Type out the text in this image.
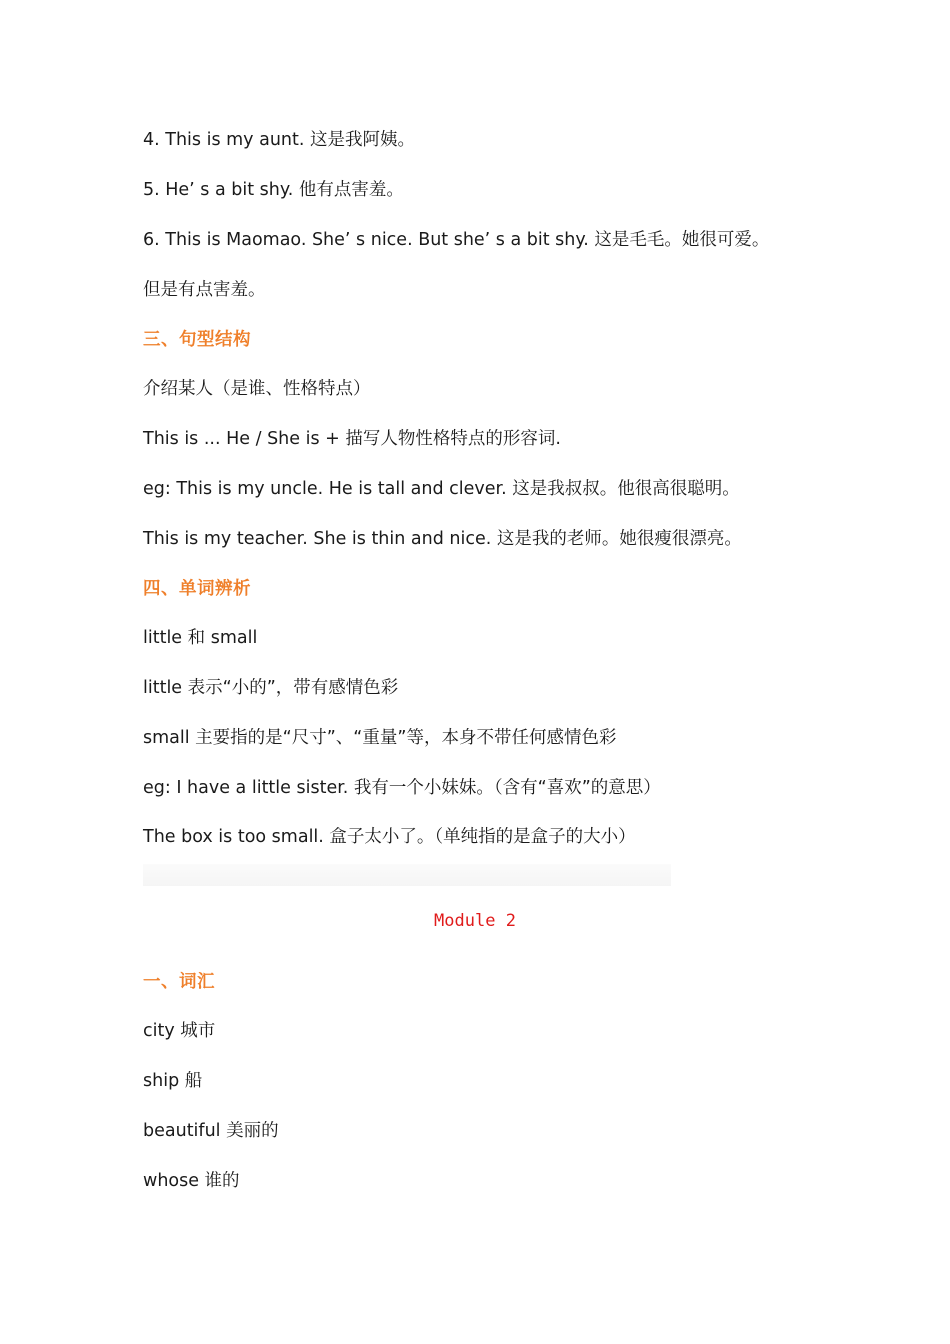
4. This is my aunt. 这是我阿姨。
5. He’ s a bit shy. 他有点害羞。
6. This is Maomao. She’ s nice. But she’ s a bit shy. 这是毛毛。她很可爱。
但是有点害羞。
三、句型结构
介绍某人（是谁、性格特点）
This is ... He / She is + 描写人物性格特点的形容词.
eg: This is my uncle. He is tall and clever. 这是我叔叔。他很高很聪明。
This is my teacher. She is thin and nice. 这是我的老师。她很瘦很漂亮。
四、单词辨析
little 和 small
little 表示“小的”，带有感情色彩
small 主要指的是“尺寸”、“重量”等，本身不带任何感情色彩
eg: I have a little sister. 我有一个小妹妹。（含有“喜欢”的意思）
The box is too small. 盒子太小了。（单纯指的是盒子的大小）
Module 2
一、词汇
city 城市
ship 船
beautiful 美丽的
whose 谁的
